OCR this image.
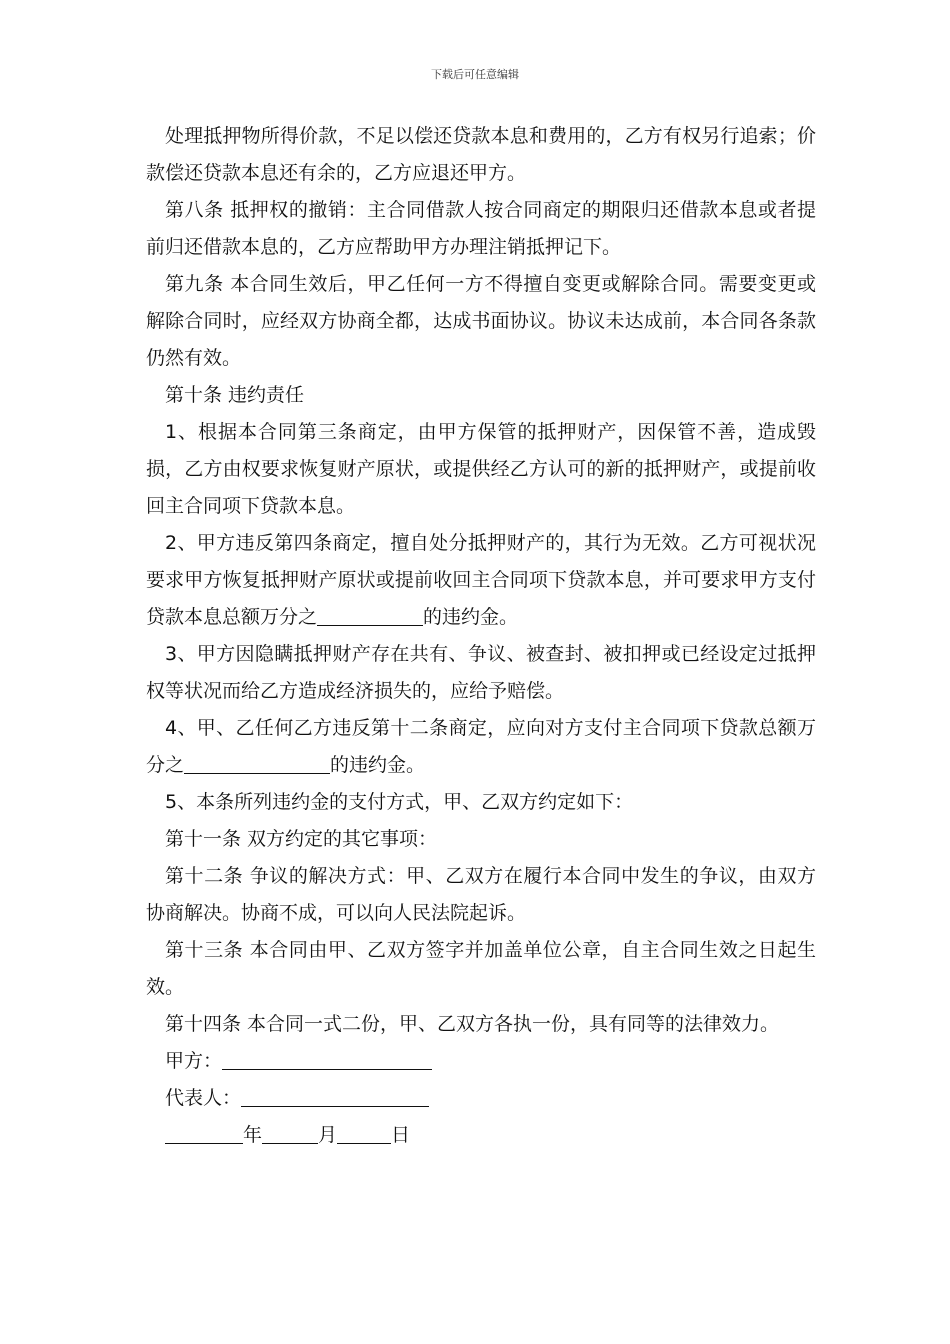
下载后可任意编辑

处理抵押物所得价款，不足以偿还贷款本息和费用的，乙方有权另行追索；价款偿还贷款本息还有余的，乙方应退还甲方。

第八条 抵押权的撤销：主合同借款人按合同商定的期限归还借款本息或者提前归还借款本息的，乙方应帮助甲方办理注销抵押记下。

第九条 本合同生效后，甲乙任何一方不得擅自变更或解除合同。需要变更或解除合同时，应经双方协商全都，达成书面协议。协议未达成前，本合同各条款仍然有效。

第十条 违约责任

1、根据本合同第三条商定，由甲方保管的抵押财产，因保管不善，造成毁损，乙方由权要求恢复财产原状，或提供经乙方认可的新的抵押财产，或提前收回主合同项下贷款本息。

2、甲方违反第四条商定，擅自处分抵押财产的，其行为无效。乙方可视状况要求甲方恢复抵押财产原状或提前收回主合同项下贷款本息，并可要求甲方支付贷款本息总额万分之	的违约金。

3、甲方因隐瞒抵押财产存在共有、争议、被查封、被扣押或已经设定过抵押权等状况而给乙方造成经济损失的，应给予赔偿。

4、甲、乙任何乙方违反第十二条商定，应向对方支付主合同项下贷款总额万分之	的违约金。

5、本条所列违约金的支付方式，甲、乙双方约定如下：

第十一条 双方约定的其它事项：

第十二条 争议的解决方式：甲、乙双方在履行本合同中发生的争议，由双方协商解决。协商不成，可以向人民法院起诉。

第十三条 本合同由甲、乙双方签字并加盖单位公章，自主合同生效之日起生效。

第十四条 本合同一式二份，甲、乙双方各执一份，具有同等的法律效力。

甲方：

代表人：

年	月	日
